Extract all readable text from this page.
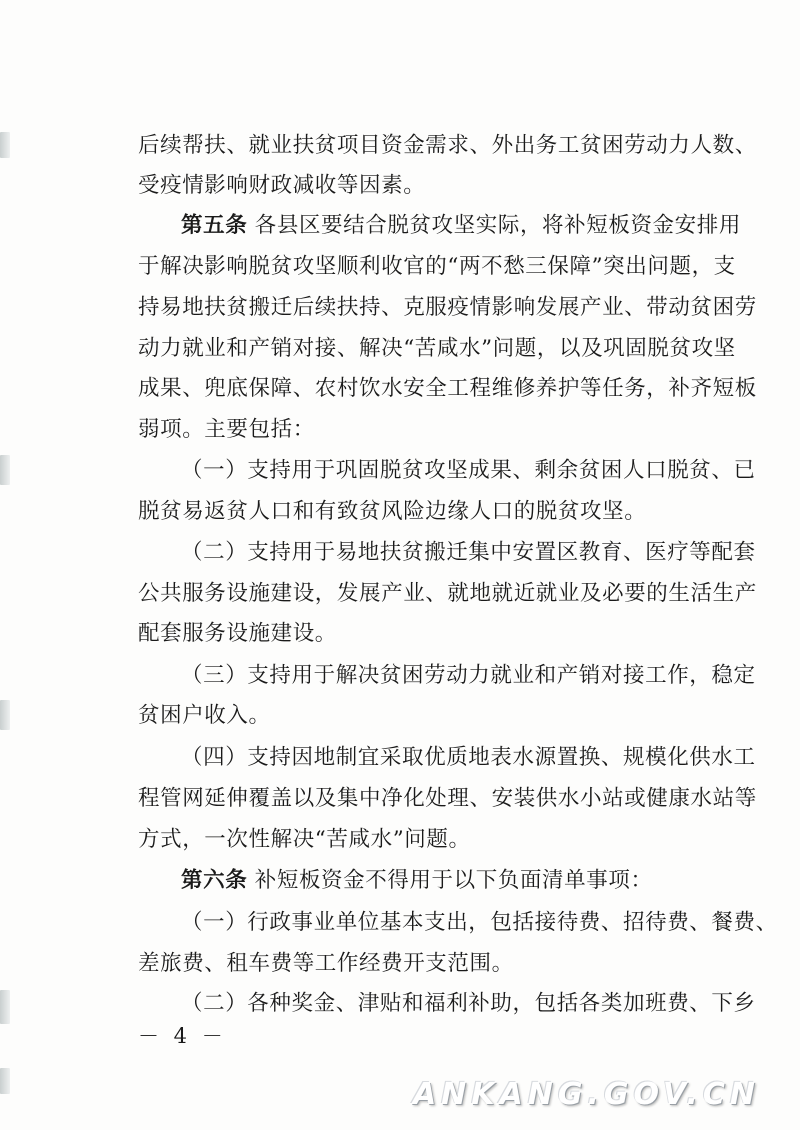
后续帮扶、就业扶贫项目资金需求、外出务工贫困劳动力人数、
受疫情影响财政减收等因素。
第五条 各县区要结合脱贫攻坚实际，将补短板资金安排用
于解决影响脱贫攻坚顺利收官的“两不愁三保障”突出问题，支
持易地扶贫搬迁后续扶持、克服疫情影响发展产业、带动贫困劳
动力就业和产销对接、解决“苦咸水”问题，以及巩固脱贫攻坚
成果、兜底保障、农村饮水安全工程维修养护等任务，补齐短板
弱项。主要包括：
（一）支持用于巩固脱贫攻坚成果、剩余贫困人口脱贫、已
脱贫易返贫人口和有致贫风险边缘人口的脱贫攻坚。
（二）支持用于易地扶贫搬迁集中安置区教育、医疗等配套
公共服务设施建设，发展产业、就地就近就业及必要的生活生产
配套服务设施建设。
（三）支持用于解决贫困劳动力就业和产销对接工作，稳定
贫困户收入。
（四）支持因地制宜采取优质地表水源置换、规模化供水工
程管网延伸覆盖以及集中净化处理、安装供水小站或健康水站等
方式，一次性解决“苦咸水”问题。
第六条 补短板资金不得用于以下负面清单事项：
（一）行政事业单位基本支出，包括接待费、招待费、餐费、
差旅费、租车费等工作经费开支范围。
（二）各种奖金、津贴和福利补助，包括各类加班费、下乡
－ 4 －
ANKANG.GOV.CN
